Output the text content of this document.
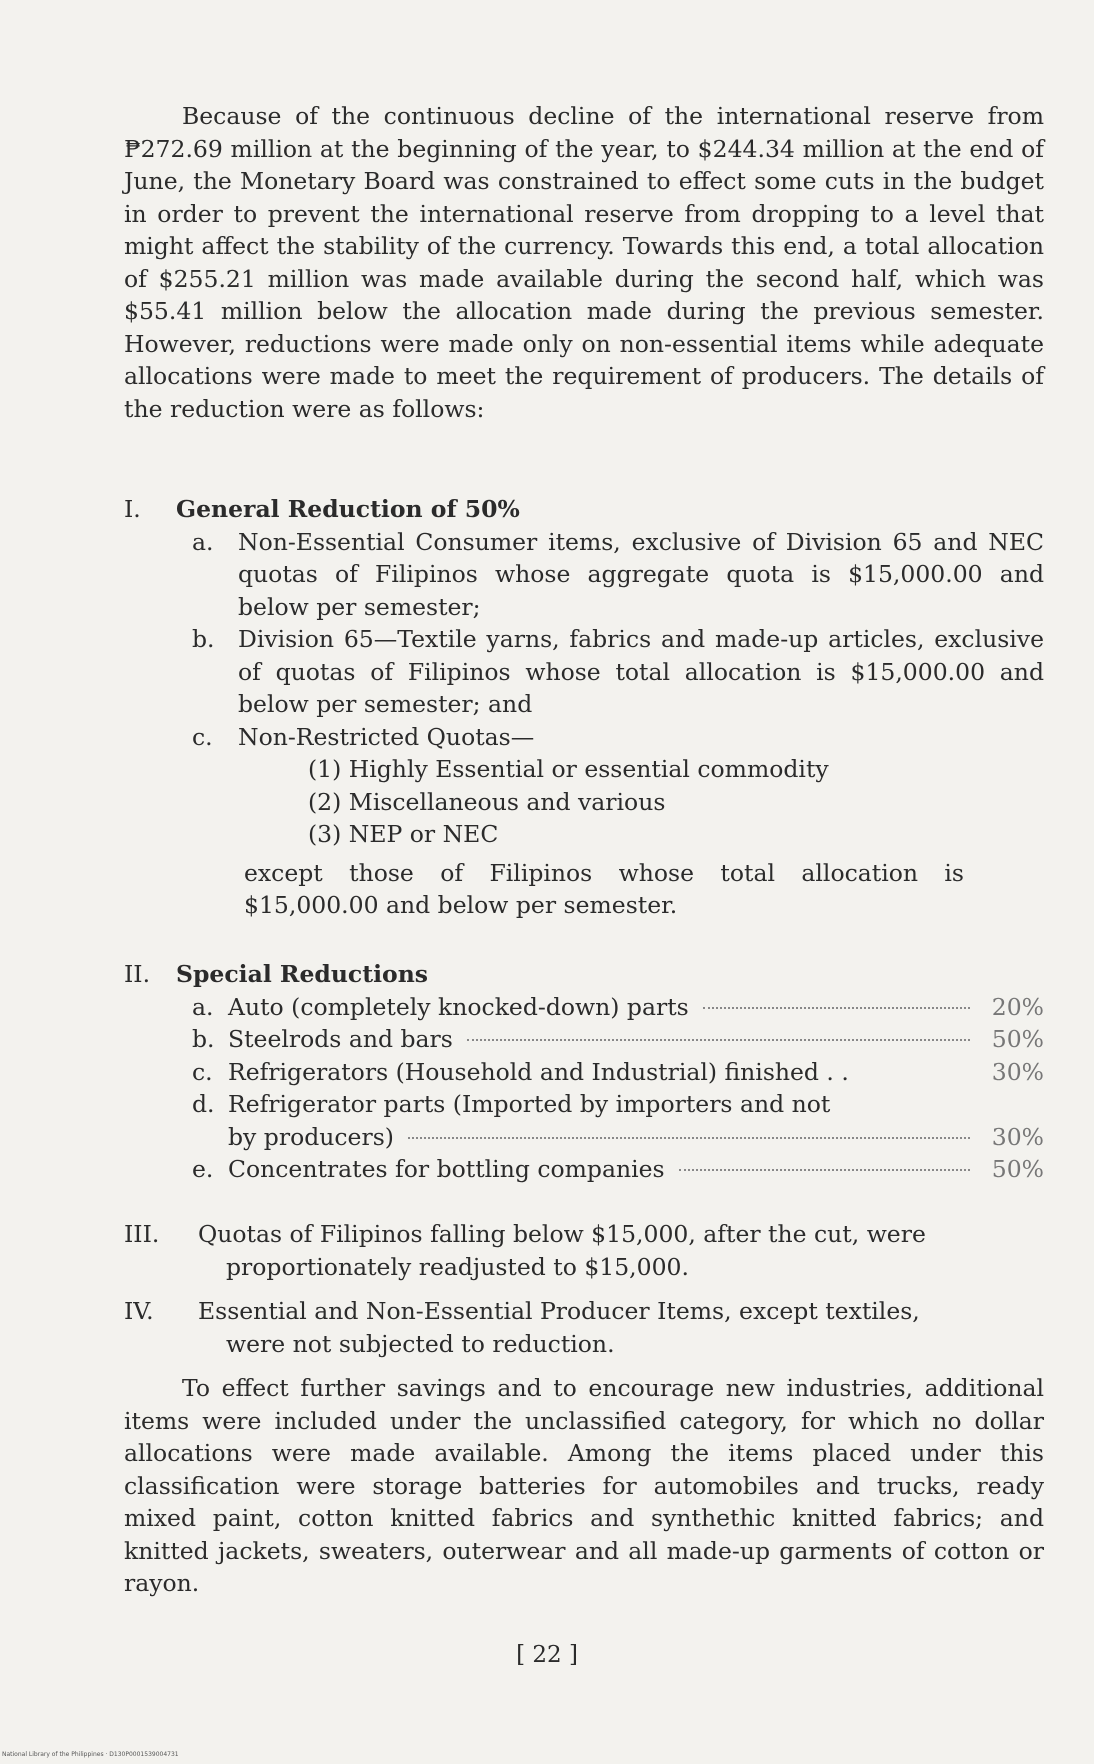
Because of the continuous decline of the international reserve from ₱272.69 million at the beginning of the year, to $244.34 million at the end of June, the Monetary Board was constrained to effect some cuts in the budget in order to prevent the international reserve from dropping to a level that might affect the stability of the currency. Towards this end, a total allocation of $255.21 million was made available during the second half, which was $55.41 million below the allocation made during the previous semester. However, reductions were made only on non-essential items while adequate allocations were made to meet the requirement of producers. The details of the reduction were as follows:

I.	General Reduction of 50%
a.	Non-Essential Consumer items, exclusive of Division 65 and NEC quotas of Filipinos whose aggregate quota is $15,000.00 and below per semester;
b. Division 65—Textile yarns, fabrics and made-up articles, exclusive of quotas of Filipinos whose total allocation is $15,000.00 and below per semester; and
c.	Non-Restricted Quotas—
(1) Highly Essential or essential commodity
(2) Miscellaneous and various
(3) NEP or NEC
except those of Filipinos whose total allocation is $15,000.00 and below per semester.
II.	Special Reductions
a. Auto (completely knocked-down) parts	20%
b. Steelrods and bars	50%
c. Refrigerators (Household and Industrial) finished . .	30%
d. Refrigerator parts (Imported by importers and not
by producers)	30%
e. Concentrates for bottling companies	50%
III.	Quotas of Filipinos falling below $15,000, after the cut, were
proportionately readjusted to $15,000.
IV.	Essential and Non-Essential Producer Items, except textiles,
were not subjected to reduction.

To effect further savings and to encourage new industries, additional items were included under the unclassified category, for which no dollar allocations were made available. Among the items placed under this classification were storage batteries for automobiles and trucks, ready mixed paint, cotton knitted fabrics and synthethic knitted fabrics; and knitted jackets, sweaters, outerwear and all made-up garments of cotton or rayon.

[ 22 ]
National Library of the Philippines · D130P0001539004731
